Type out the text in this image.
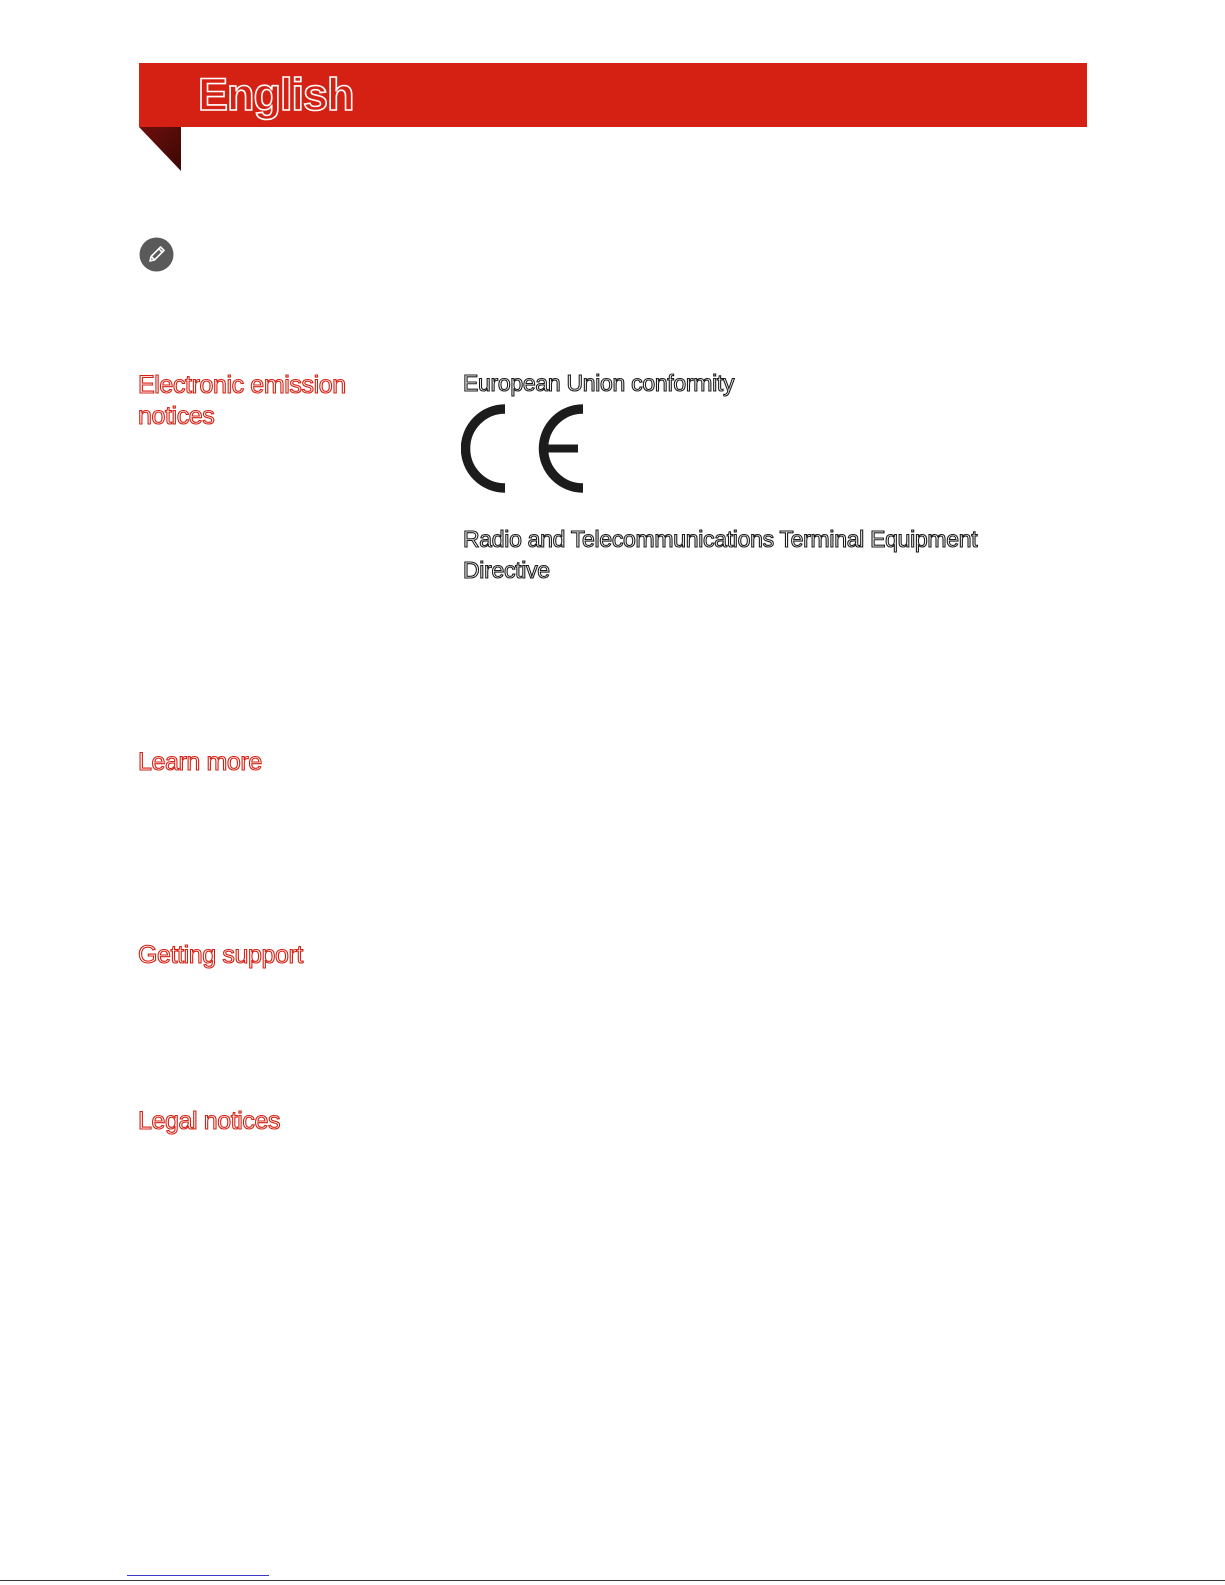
English
Electronic emission notices
Learn more
Getting support
Legal notices

European Union conformity

Radio and Telecommunications Terminal Equipment Directive
